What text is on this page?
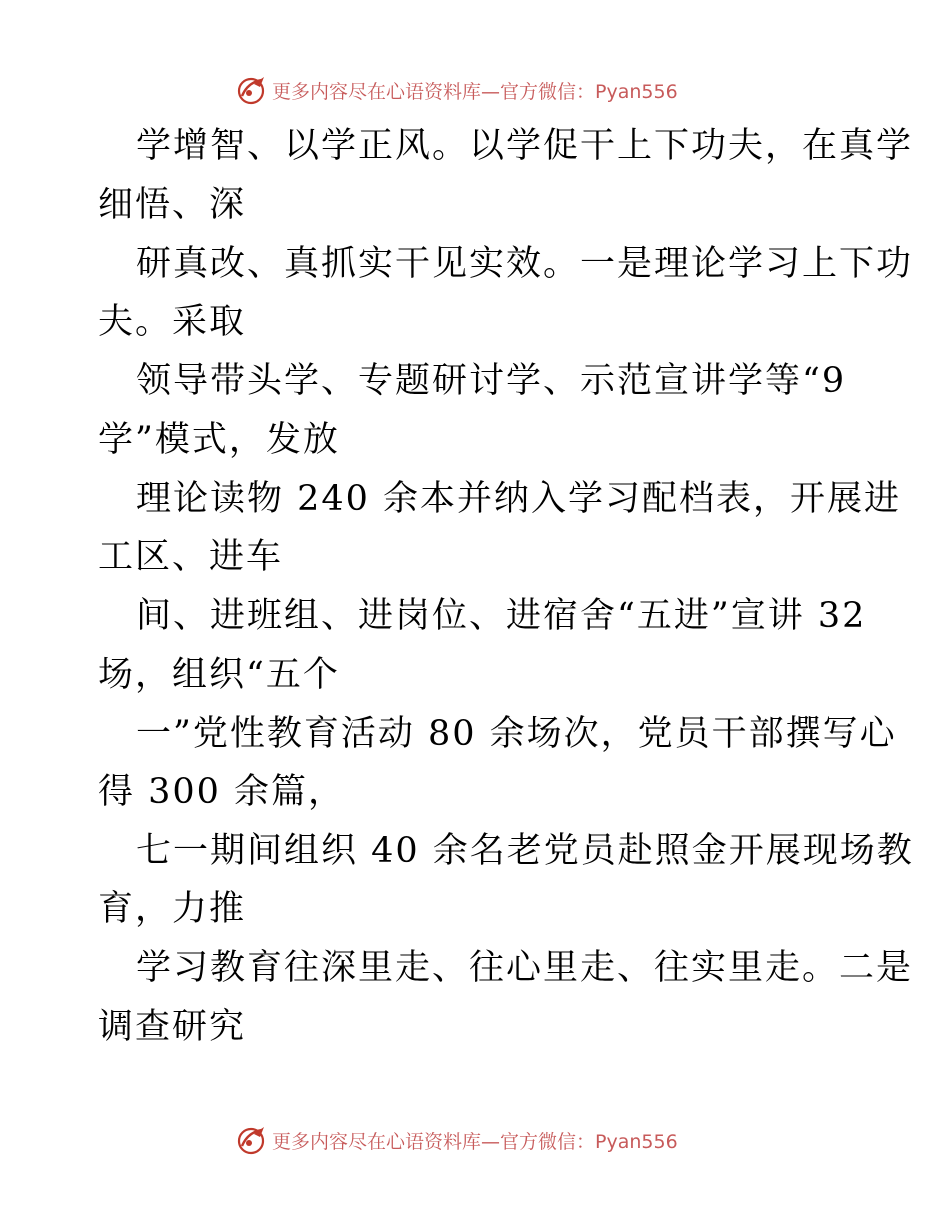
更多内容尽在心语资料库—官方微信：Pyan556
学增智、以学正风。以学促干上下功夫，在真学
细悟、深
研真改、真抓实干见实效。一是理论学习上下功
夫。采取
领导带头学、专题研讨学、示范宣讲学等“9
学”模式，发放
理论读物 240 余本并纳入学习配档表，开展进
工区、进车
间、进班组、进岗位、进宿舍“五进”宣讲 32
场，组织“五个
一”党性教育活动 80 余场次，党员干部撰写心
得 300 余篇，
七一期间组织 40 余名老党员赴照金开展现场教
育，力推
学习教育往深里走、往心里走、往实里走。二是
调查研究
更多内容尽在心语资料库—官方微信：Pyan556
